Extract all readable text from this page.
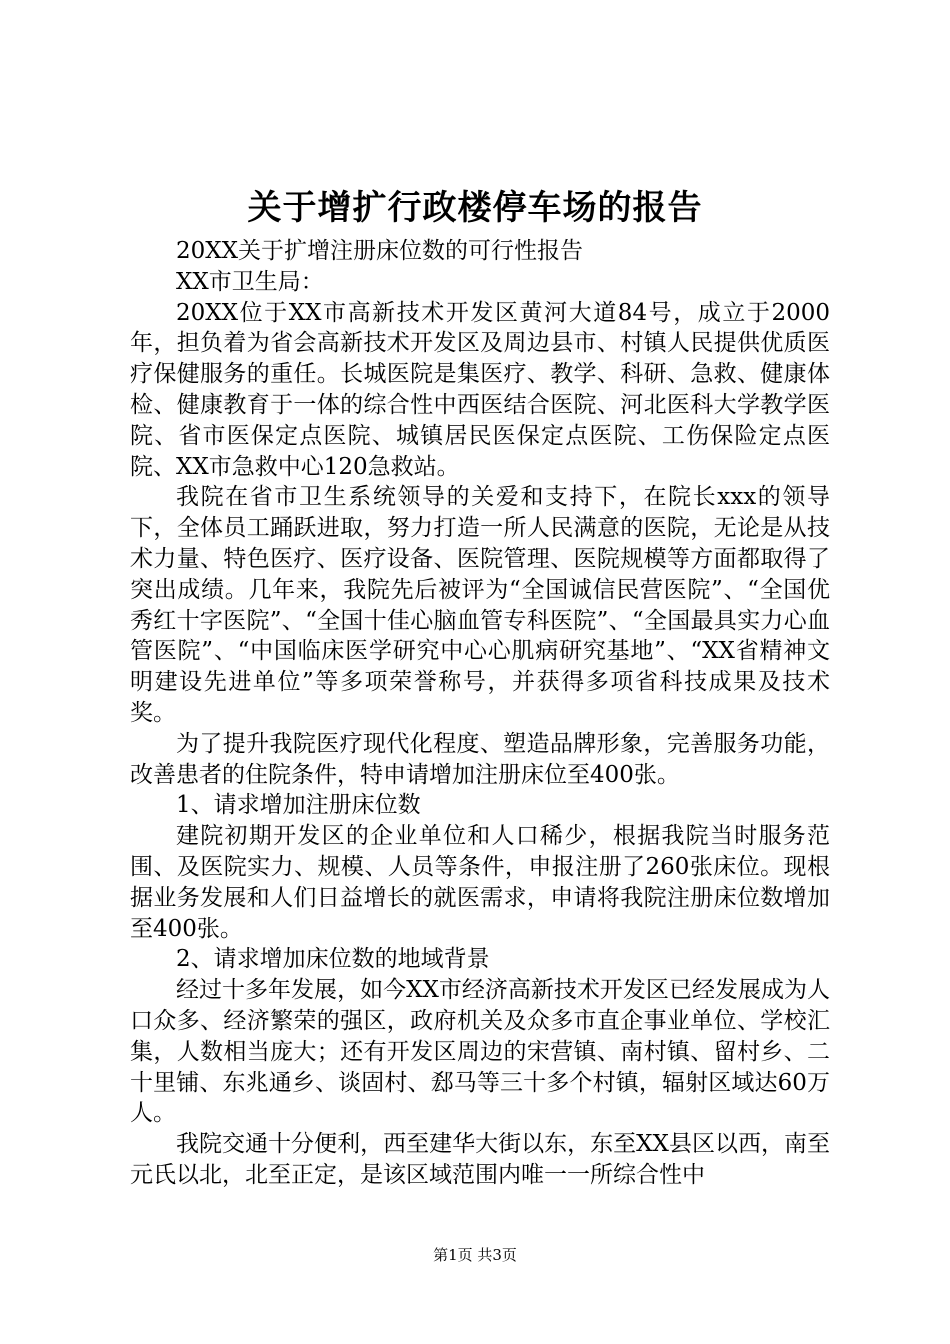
关于增扩行政楼停车场的报告

20XX关于扩增注册床位数的可行性报告

XX市卫生局：

20XX位于XX市高新技术开发区黄河大道84号，成立于2000年，担负着为省会高新技术开发区及周边县市、村镇人民提供优质医疗保健服务的重任。长城医院是集医疗、教学、科研、急救、健康体检、健康教育于一体的综合性中西医结合医院、河北医科大学教学医院、省市医保定点医院、城镇居民医保定点医院、工伤保险定点医院、XX市急救中心120急救站。

我院在省市卫生系统领导的关爱和支持下，在院长xxx的领导下，全体员工踊跃进取，努力打造一所人民满意的医院，无论是从技术力量、特色医疗、医疗设备、医院管理、医院规模等方面都取得了突出成绩。几年来，我院先后被评为“全国诚信民营医院”、“全国优秀红十字医院”、“全国十佳心脑血管专科医院”、“全国最具实力心血管医院”、“中国临床医学研究中心心肌病研究基地”、“XX省精神文明建设先进单位”等多项荣誉称号，并获得多项省科技成果及技术奖。

为了提升我院医疗现代化程度、塑造品牌形象，完善服务功能，改善患者的住院条件，特申请增加注册床位至400张。

1、请求增加注册床位数

建院初期开发区的企业单位和人口稀少，根据我院当时服务范围、及医院实力、规模、人员等条件，申报注册了260张床位。现根据业务发展和人们日益增长的就医需求，申请将我院注册床位数增加至400张。

2、请求增加床位数的地域背景

经过十多年发展，如今XX市经济高新技术开发区已经发展成为人口众多、经济繁荣的强区，政府机关及众多市直企事业单位、学校汇集，人数相当庞大；还有开发区周边的宋营镇、南村镇、留村乡、二十里铺、东兆通乡、谈固村、郄马等三十多个村镇，辐射区域达60万人。

我院交通十分便利，西至建华大街以东，东至XX县区以西，南至元氏以北，北至正定，是该区域范围内唯一一所综合性中

第1页 共3页
